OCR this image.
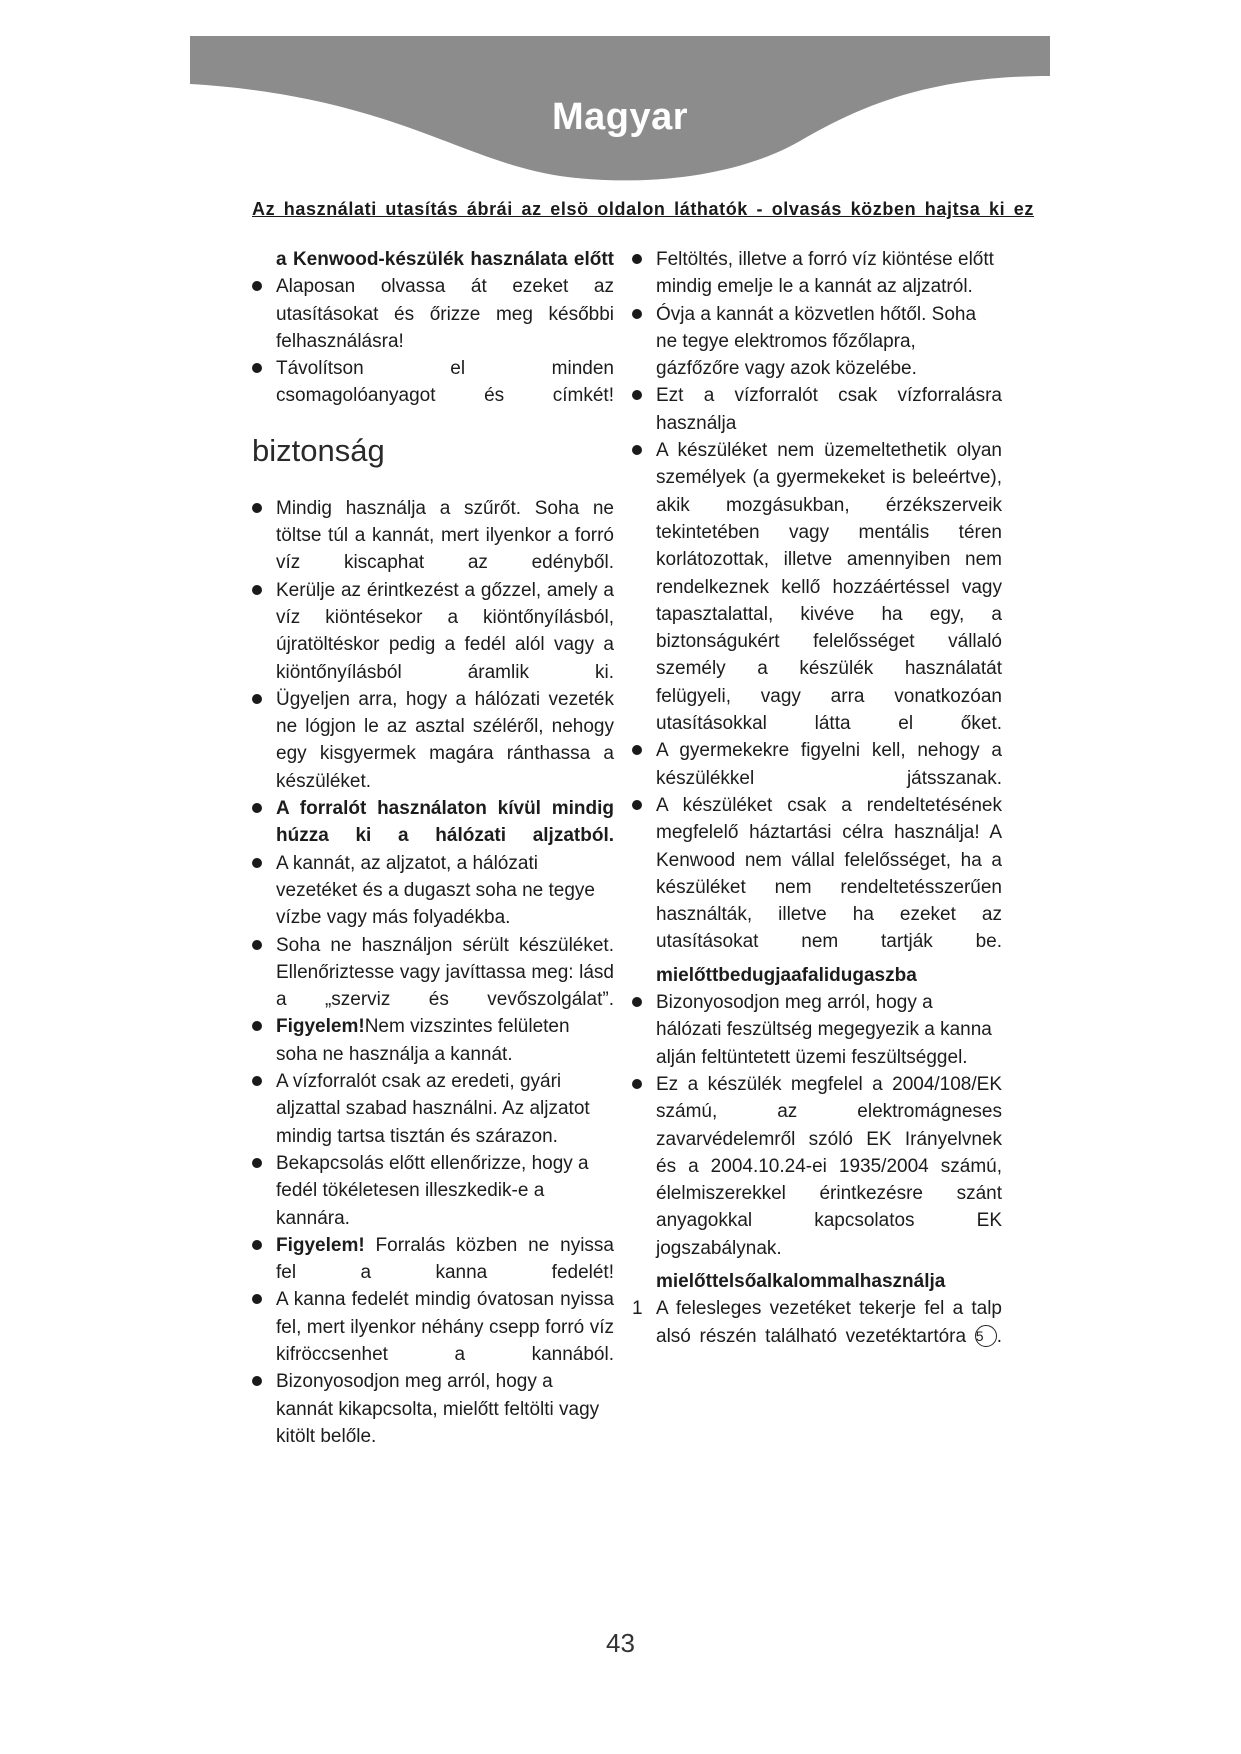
Magyar
Az használati utasítás ábrái az elsö oldalon láthatók - olvasás közben hajtsa ki ez

a Kenwood-készülék használata előtt

Alaposan olvassa át ezeket az utasításokat és őrizze meg későbbi felhasználásra!
Távolítson el minden csomagolóanyagot és címkét!
biztonság
Mindig használja a szűrőt. Soha ne töltse túl a kannát, mert ilyenkor a forró víz kiscaphat az edényből.
Kerülje az érintkezést a gőzzel, amely a víz kiöntésekor a kiöntőnyílásból, újratöltéskor pedig a fedél alól vagy a kiöntőnyílásból áramlik ki.
Ügyeljen arra, hogy a hálózati vezeték ne lógjon le az asztal széléről, nehogy egy kisgyermek magára ránthassa a készüléket.
A forralót használaton kívül mindig húzza ki a hálózati aljzatból.
A kannát, az aljzatot, a hálózati vezetéket és a dugaszt soha ne tegye vízbe vagy más folyadékba.
Soha ne használjon sérült készüléket. Ellenőriztesse vagy javíttassa meg: lásd a „szerviz és vevőszolgálat”.
Figyelem!Nem vizszintes felületen soha ne használja a kannát.
A vízforralót csak az eredeti, gyári aljzattal szabad használni. Az aljzatot mindig tartsa tisztán és szárazon.
Bekapcsolás előtt ellenőrizze, hogy a fedél tökéletesen illeszkedik-e a kannára.
Figyelem! Forralás közben ne nyissa fel a kanna fedelét!
A kanna fedelét mindig óvatosan nyissa fel, mert ilyenkor néhány csepp forró víz kifröccsenhet a kannából.
Bizonyosodjon meg arról, hogy a kannát kikapcsolta, mielőtt feltölti vagy kitölt belőle.
Feltöltés, illetve a forró víz kiöntése előtt mindig emelje le a kannát az aljzatról.
Óvja a kannát a közvetlen hőtől. Soha ne tegye elektromos főzőlapra, gázfőzőre vagy azok közelébe.
Ezt a vízforralót csak vízforralásra használja
A készüléket nem üzemeltethetik olyan személyek (a gyermekeket is beleértve), akik mozgásukban, érzékszerveik tekintetében vagy mentális téren korlátozottak, illetve amennyiben nem rendelkeznek kellő hozzáértéssel vagy tapasztalattal, kivéve ha egy, a biztonságukért felelősséget vállaló személy a készülék használatát felügyeli, vagy arra vonatkozóan utasításokkal látta el őket.
A gyermekekre figyelni kell, nehogy a készülékkel játsszanak.
A készüléket csak a rendeltetésének megfelelő háztartási célra használja! A Kenwood nem vállal felelősséget, ha a készüléket nem rendeltetésszerűen használták, illetve ha ezeket az utasításokat nem tartják be.

mielőttbedugjaafalidugaszba

Bizonyosodjon meg arról, hogy a hálózati feszültség megegyezik a kanna alján feltüntetett üzemi feszültséggel.
Ez a készülék megfelel a 2004/108/EK számú, az elektromágneses zavarvédelemről szóló EK Irányelvnek és a 2004.10.24-ei 1935/2004 számú, élelmiszerekkel érintkezésre szánt anyagokkal kapcsolatos EK jogszabálynak.

mielőttelsőalkalommalhasználja

1 A felesleges vezetéket tekerje fel a talp alsó részén található vezetéktartóra 5 .
43
